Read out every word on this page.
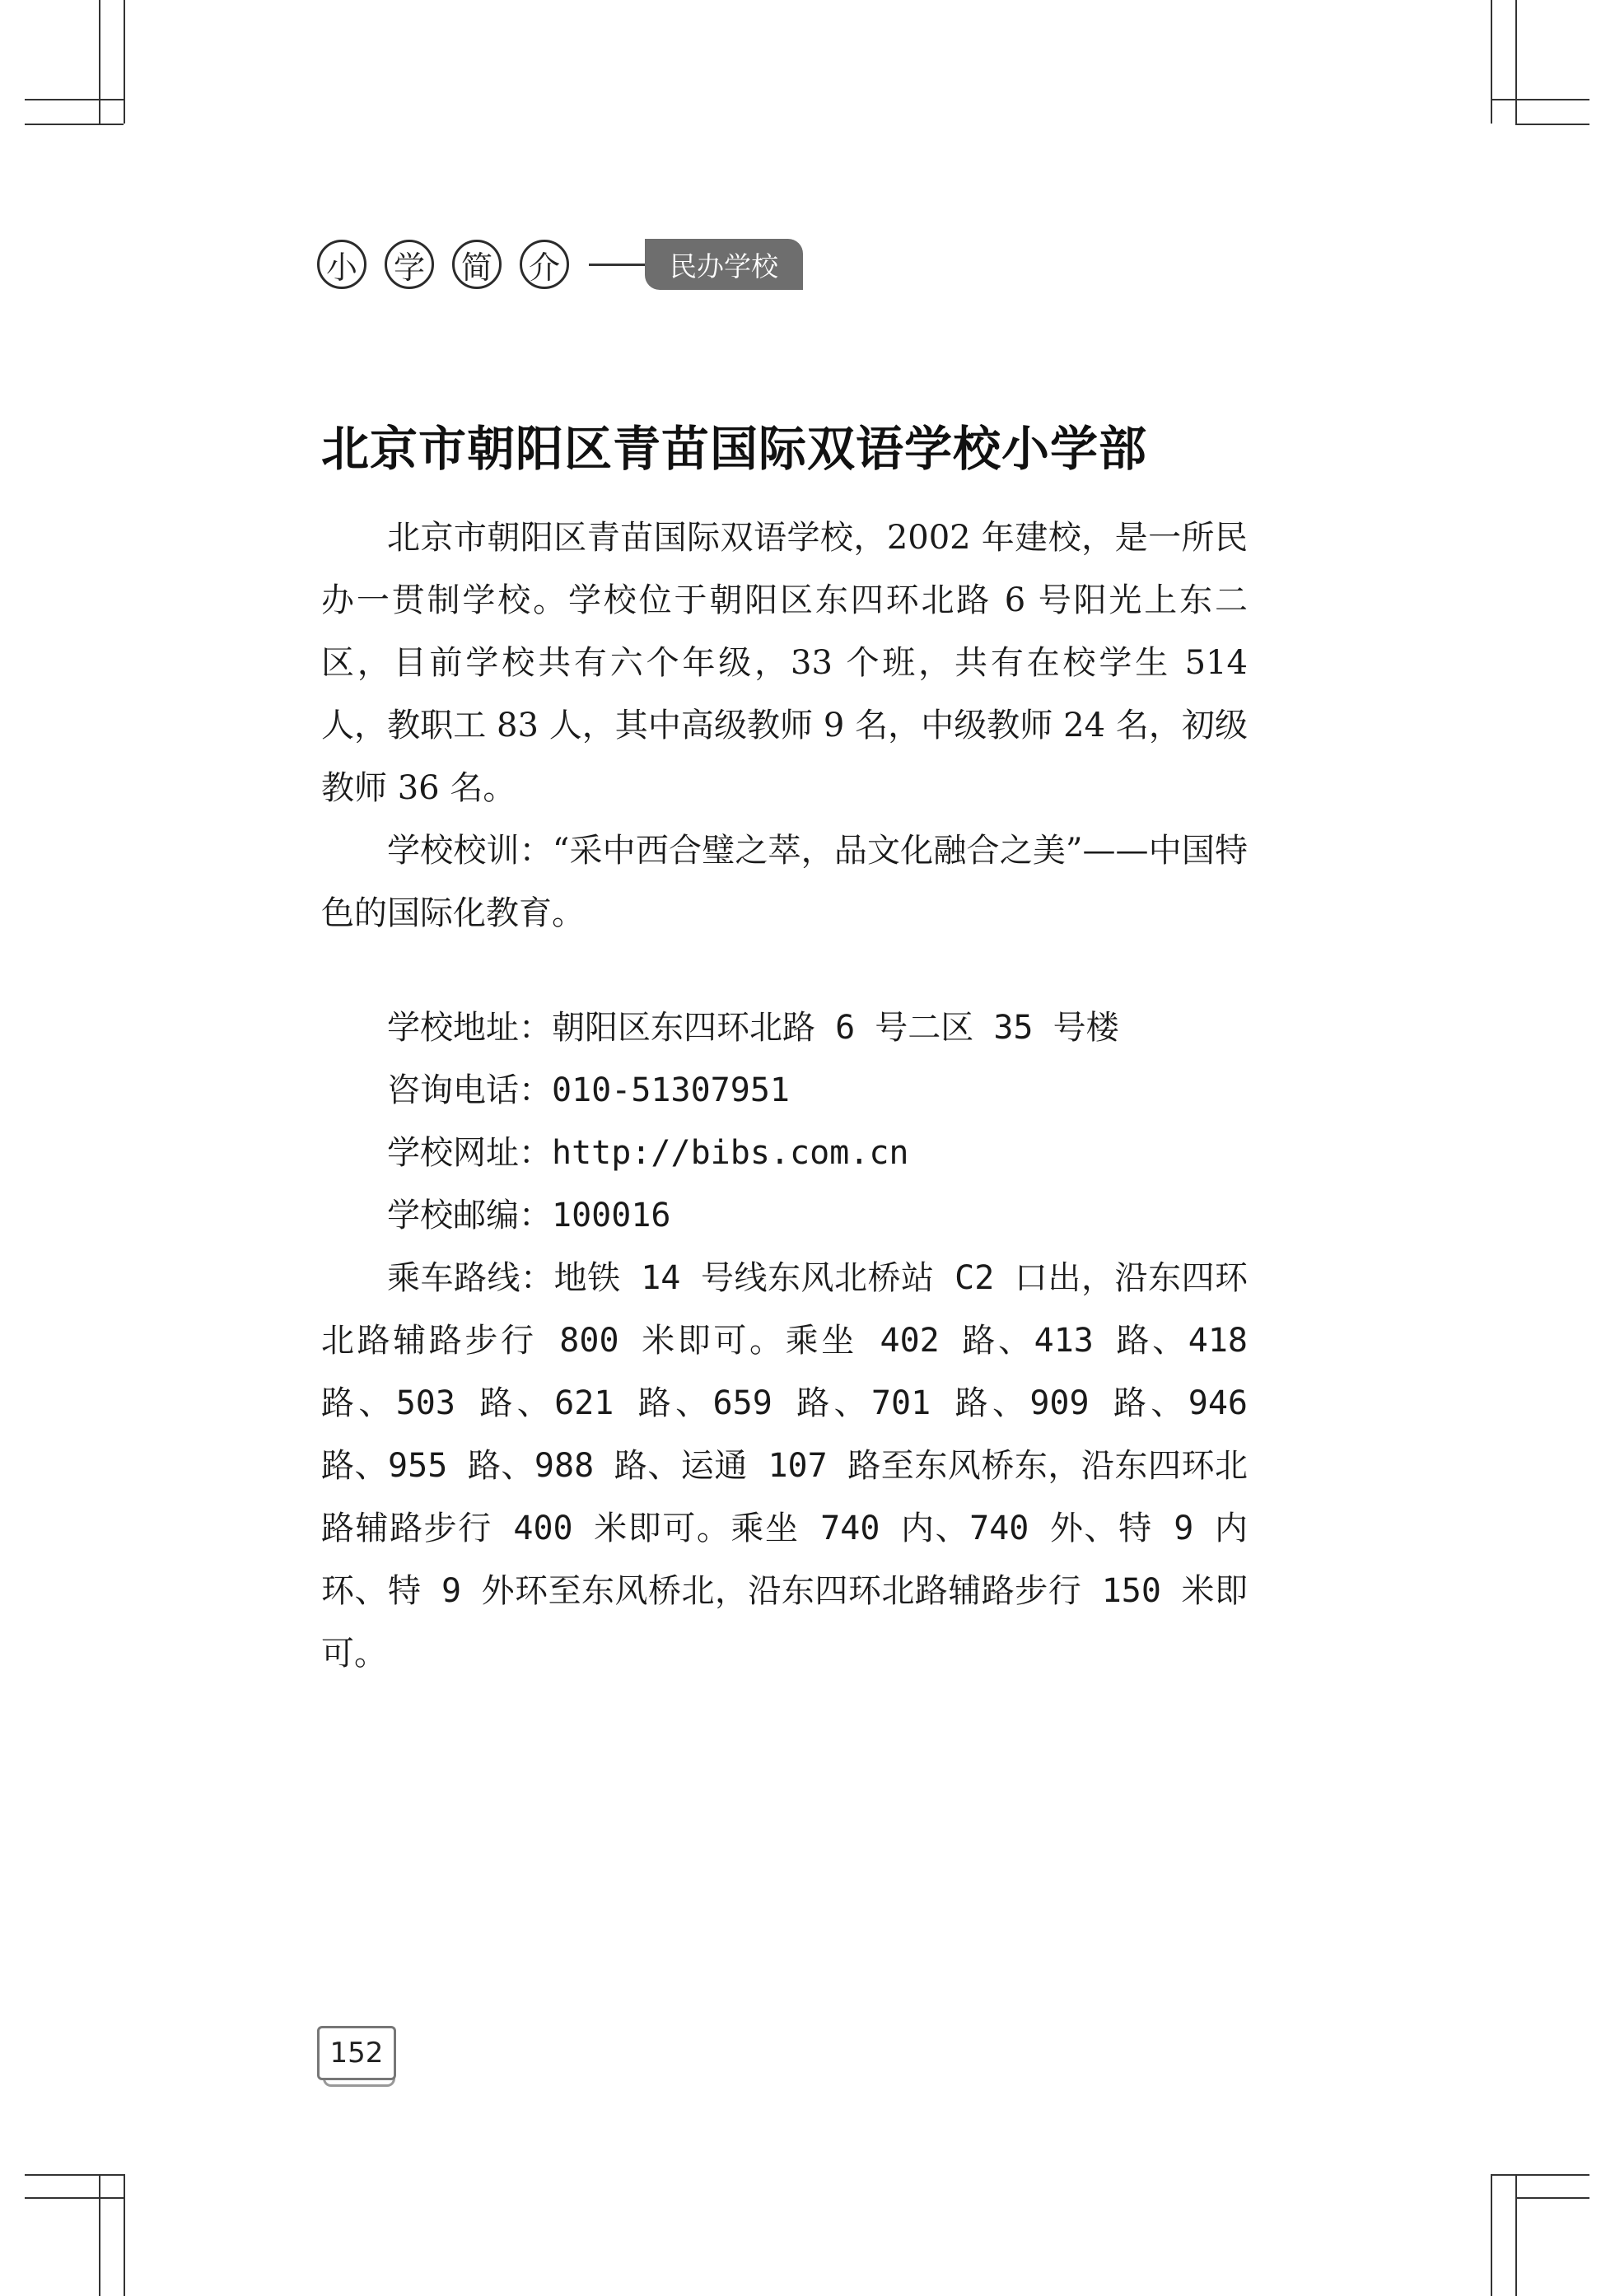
小 学 简 介	民办学校
北京市朝阳区青苗国际双语学校小学部

北京市朝阳区青苗国际双语学校，2002 年建校，是一所民办一贯制学校。学校位于朝阳区东四环北路 6 号阳光上东二区，目前学校共有六个年级，33 个班，共有在校学生 514 人，教职工 83 人，其中高级教师 9 名，中级教师 24 名，初级教师 36 名。

学校校训：“采中西合璧之萃，品文化融合之美”——中国特色的国际化教育。

学校地址：朝阳区东四环北路 6 号二区 35 号楼
咨询电话：010-51307951
学校网址：http://bibs.com.cn
学校邮编：100016
乘车路线：地铁 14 号线东风北桥站 C2 口出，沿东四环北路辅路步行 800 米即可。乘坐 402 路、413 路、418 路、503 路、621 路、659 路、701 路、909 路、946 路、955 路、988 路、运通 107 路至东风桥东，沿东四环北路辅路步行 400 米即可。乘坐 740 内、740 外、特 9 内环、特 9 外环至东风桥北，沿东四环北路辅路步行 150 米即可。
152
